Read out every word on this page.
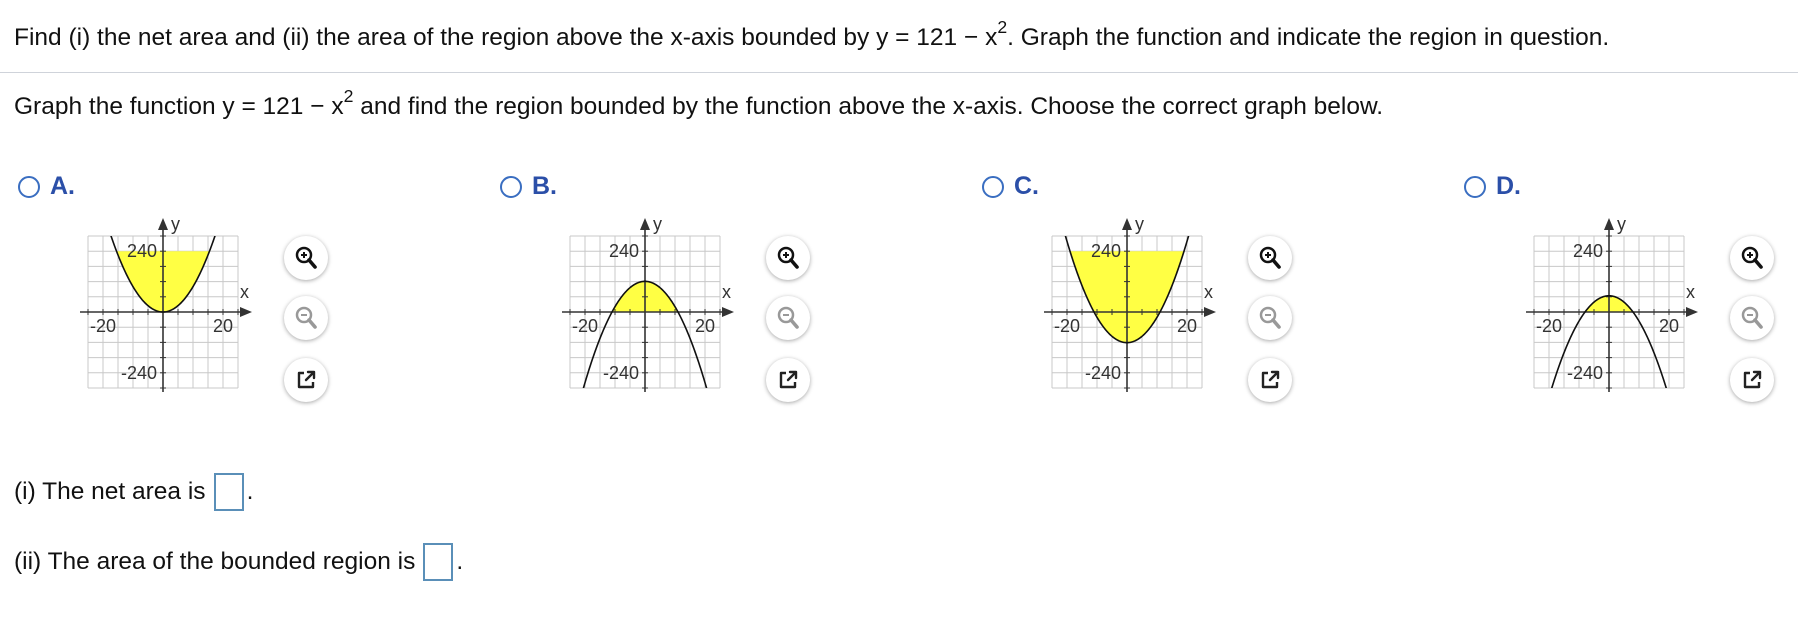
Find (i) the net area and (ii) the area of the region above the x-axis bounded by $y = 121 - x^2$. Graph the function and indicate the region in question.
Graph the function $y = 121 - x^2$ and find the region bounded by the function above the x-axis. Choose the correct graph below.
A.
y
x
240
-240
-20	20
B.
y
x
240
-240
-20	20
C.
y
x
240
-240
-20	20
D.
y
x
240
-240
-20	20
(i) The net area is .
(ii) The area of the bounded region is .
